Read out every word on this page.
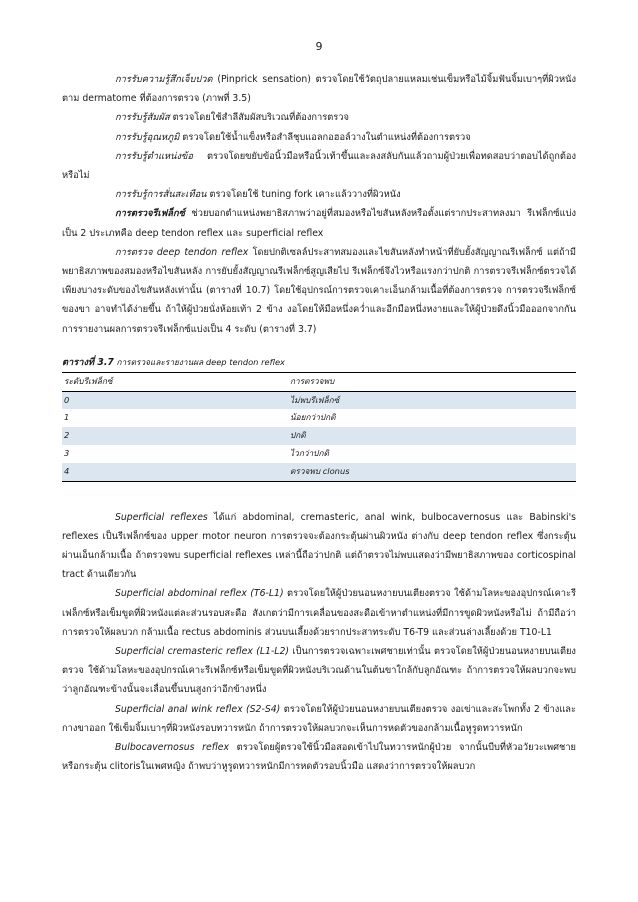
9

การรับความรู้สึกเจ็บปวด (Pinprick sensation) ตรวจโดยใช้วัตถุปลายแหลมเช่นเข็มหรือไม้จิ้มฟันจิ้มเบาๆที่ผิวหนังตาม dermatome ที่ต้องการตรวจ (ภาพที่ 3.5)

การรับรู้สัมผัส ตรวจโดยใช้สำลีสัมผัสบริเวณที่ต้องการตรวจ

การรับรู้อุณหภูมิ ตรวจโดยใช้น้ำแข็งหรือสำลีชุบแอลกอฮอล์วางในตำแหน่งที่ต้องการตรวจ

การรับรู้ตำแหน่งข้อ ตรวจโดยขยับข้อนิ้วมือหรือนิ้วเท้าขึ้นและลงสลับกันแล้วถามผู้ป่วยเพื่อทดสอบว่าตอบได้ถูกต้องหรือไม่

การรับรู้การสั่นสะเทือน ตรวจโดยใช้ tuning fork เคาะแล้ววางที่ผิวหนัง

การตรวจรีเฟล็กซ์ ช่วยบอกตำแหน่งพยาธิสภาพว่าอยู่ที่สมองหรือไขสันหลังหรือตั้งแต่รากประสาทลงมา รีเฟล็กซ์แบ่งเป็น 2 ประเภทคือ deep tendon reflex และ superficial reflex

การตรวจ deep tendon reflex โดยปกติเซลล์ประสาทสมองและไขสันหลังทำหน้าที่ยับยั้งสัญญาณรีเฟล็กซ์ แต่ถ้ามีพยาธิสภาพของสมองหรือไขสันหลัง การยับยั้งสัญญาณรีเฟล็กซ์สูญเสียไป รีเฟล็กซ์จึงไวหรือแรงกว่าปกติ การตรวจรีเฟล็กซ์ตรวจได้เพียงบางระดับของไขสันหลังเท่านั้น (ตารางที่ 10.7) โดยใช้อุปกรณ์การตรวจเคาะเอ็นกล้ามเนื้อที่ต้องการตรวจ การตรวจรีเฟล็กซ์ของขา อาจทำได้ง่ายขึ้น ถ้าให้ผู้ป่วยนั่งห้อยเท้า 2 ข้าง งอโดยให้มือหนึ่งคว่ำและอีกมือหนึ่งหงายและให้ผู้ป่วยดึงนิ้วมือออกจากกัน การรายงานผลการตรวจรีเฟล็กซ์แบ่งเป็น 4 ระดับ (ตารางที่ 3.7)

ตารางที่ 3.7 การตรวจและรายงานผล deep tendon reflex
ระดับรีเฟล็กซ์	การตรวจพบ
0	ไม่พบรีเฟล็กซ์
1	น้อยกว่าปกติ
2	ปกติ
3	ไวกว่าปกติ
4	ตรวจพบ clonus

Superficial reflexes ได้แก่ abdominal, cremasteric, anal wink, bulbocavernosus และ Babinski's reflexes เป็นรีเฟล็กซ์ของ upper motor neuron การตรวจจะต้องกระตุ้นผ่านผิวหนัง ต่างกับ deep tendon reflex ซึ่งกระตุ้นผ่านเอ็นกล้ามเนื้อ ถ้าตรวจพบ superficial reflexes เหล่านี้ถือว่าปกติ แต่ถ้าตรวจไม่พบแสดงว่ามีพยาธิสภาพของ corticospinal tract ด้านเดียวกัน

Superficial abdominal reflex (T6-L1) ตรวจโดยให้ผู้ป่วยนอนหงายบนเตียงตรวจ ใช้ด้ามโลหะของอุปกรณ์เคาะรีเฟล็กซ์หรือเข็มขูดที่ผิวหนังแต่ละส่วนรอบสะดือ สังเกตว่ามีการเคลื่อนของสะดือเข้าหาตำแหน่งที่มีการขูดผิวหนังหรือไม่ ถ้ามีถือว่าการตรวจให้ผลบวก กล้ามเนื้อ rectus abdominis ส่วนบนเลี้ยงด้วยรากประสาทระดับ T6-T9 และส่วนล่างเลี้ยงด้วย T10-L1

Superficial cremasteric reflex (L1-L2) เป็นการตรวจเฉพาะเพศชายเท่านั้น ตรวจโดยให้ผู้ป่วยนอนหงายบนเตียงตรวจ ใช้ด้ามโลหะของอุปกรณ์เคาะรีเฟล็กซ์หรือเข็มขูดที่ผิวหนังบริเวณด้านในต้นขาใกล้กับลูกอัณฑะ ถ้าการตรวจให้ผลบวกจะพบว่าลูกอัณฑะข้างนั้นจะเลื่อนขึ้นบนสูงกว่าอีกข้างหนึ่ง

Superficial anal wink reflex (S2-S4) ตรวจโดยให้ผู้ป่วยนอนหงายบนเตียงตรวจ งอเข่าและสะโพกทั้ง 2 ข้างและกางขาออก ใช้เข็มจิ้มเบาๆที่ผิวหนังรอบทวารหนัก ถ้าการตรวจให้ผลบวกจะเห็นการหดตัวของกล้ามเนื้อหูรูดทวารหนัก

Bulbocavernosus reflex ตรวจโดยผู้ตรวจใช้นิ้วมือสอดเข้าไปในทวารหนักผู้ป่วย จากนั้นบีบที่หัวอวัยวะเพศชายหรือกระตุ้น clitorisในเพศหญิง ถ้าพบว่าหูรูดทวารหนักมีการหดตัวรอบนิ้วมือ แสดงว่าการตรวจให้ผลบวก
